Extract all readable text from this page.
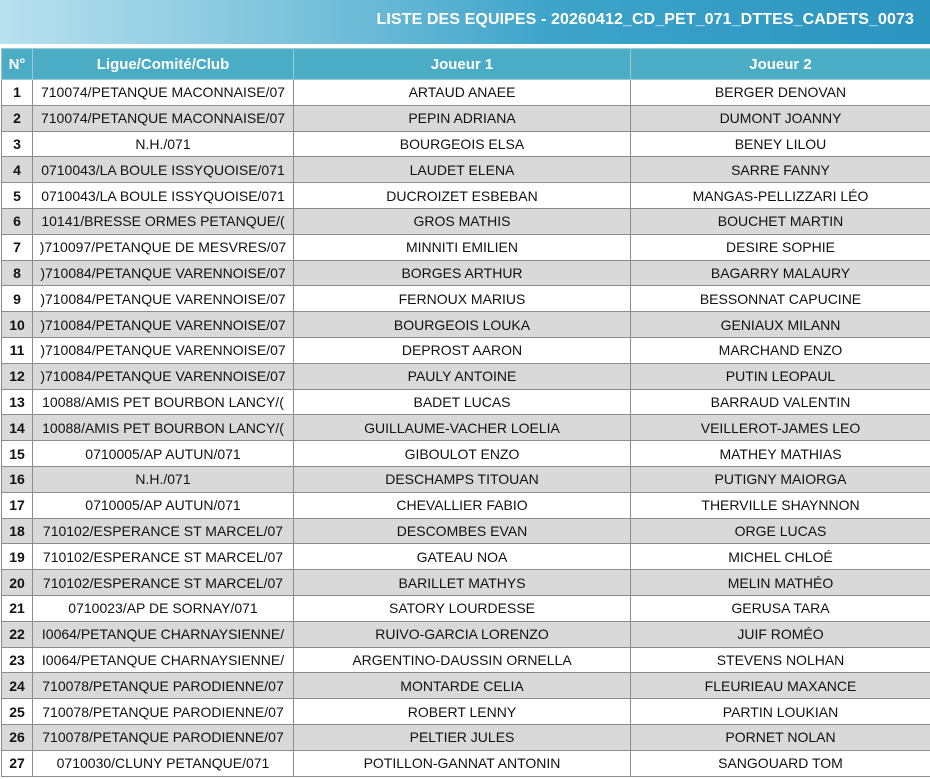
LISTE DES EQUIPES - 20260412_CD_PET_071_DTTES_CADETS_0073
N°	Ligue/Comité/Club	Joueur 1	Joueur 2
1	710074/PETANQUE MACONNAISE/07	ARTAUD ANAEE	BERGER DENOVAN
2	710074/PETANQUE MACONNAISE/07	PEPIN ADRIANA	DUMONT JOANNY
3	N.H./071	BOURGEOIS ELSA	BENEY LILOU
4	0710043/LA BOULE ISSYQUOISE/071	LAUDET ELENA	SARRE FANNY
5	0710043/LA BOULE ISSYQUOISE/071	DUCROIZET ESBEBAN	MANGAS-PELLIZZARI LÉO
6	10141/BRESSE ORMES PETANQUE/(	GROS MATHIS	BOUCHET MARTIN
7	)710097/PETANQUE DE MESVRES/07	MINNITI EMILIEN	DESIRE SOPHIE
8	)710084/PETANQUE VARENNOISE/07	BORGES ARTHUR	BAGARRY MALAURY
9	)710084/PETANQUE VARENNOISE/07	FERNOUX MARIUS	BESSONNAT CAPUCINE
10	)710084/PETANQUE VARENNOISE/07	BOURGEOIS LOUKA	GENIAUX MILANN
11	)710084/PETANQUE VARENNOISE/07	DEPROST AARON	MARCHAND ENZO
12	)710084/PETANQUE VARENNOISE/07	PAULY ANTOINE	PUTIN LEOPAUL
13	10088/AMIS PET BOURBON LANCY/(	BADET LUCAS	BARRAUD VALENTIN
14	10088/AMIS PET BOURBON LANCY/(	GUILLAUME-VACHER LOELIA	VEILLEROT-JAMES LEO
15	0710005/AP AUTUN/071	GIBOULOT ENZO	MATHEY MATHIAS
16	N.H./071	DESCHAMPS TITOUAN	PUTIGNY MAIORGA
17	0710005/AP AUTUN/071	CHEVALLIER FABIO	THERVILLE SHAYNNON
18	710102/ESPERANCE ST MARCEL/07	DESCOMBES EVAN	ORGE LUCAS
19	710102/ESPERANCE ST MARCEL/07	GATEAU NOA	MICHEL CHLOÉ
20	710102/ESPERANCE ST MARCEL/07	BARILLET MATHYS	MELIN MATHÉO
21	0710023/AP DE SORNAY/071	SATORY LOURDESSE	GERUSA TARA
22	I0064/PETANQUE CHARNAYSIENNE/	RUIVO-GARCIA LORENZO	JUIF ROMÉO
23	I0064/PETANQUE CHARNAYSIENNE/	ARGENTINO-DAUSSIN ORNELLA	STEVENS NOLHAN
24	710078/PETANQUE PARODIENNE/07	MONTARDE CELIA	FLEURIEAU MAXANCE
25	710078/PETANQUE PARODIENNE/07	ROBERT LENNY	PARTIN LOUKIAN
26	710078/PETANQUE PARODIENNE/07	PELTIER JULES	PORNET NOLAN
27	0710030/CLUNY PETANQUE/071	POTILLON-GANNAT ANTONIN	SANGOUARD TOM
